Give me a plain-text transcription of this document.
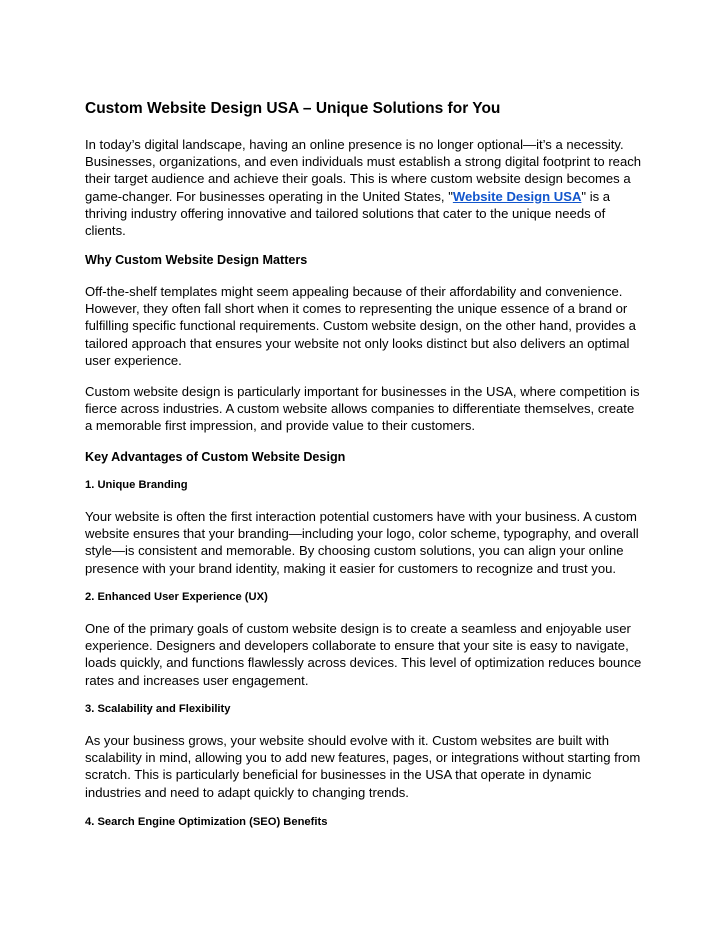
Custom Website Design USA – Unique Solutions for You

In today’s digital landscape, having an online presence is no longer optional—it’s a necessity. Businesses, organizations, and even individuals must establish a strong digital footprint to reach their target audience and achieve their goals. This is where custom website design becomes a game-changer. For businesses operating in the United States, "Website Design USA" is a thriving industry offering innovative and tailored solutions that cater to the unique needs of clients.

Why Custom Website Design Matters

Off-the-shelf templates might seem appealing because of their affordability and convenience. However, they often fall short when it comes to representing the unique essence of a brand or fulfilling specific functional requirements. Custom website design, on the other hand, provides a tailored approach that ensures your website not only looks distinct but also delivers an optimal user experience.

Custom website design is particularly important for businesses in the USA, where competition is fierce across industries. A custom website allows companies to differentiate themselves, create a memorable first impression, and provide value to their customers.

Key Advantages of Custom Website Design
1. Unique Branding

Your website is often the first interaction potential customers have with your business. A custom website ensures that your branding—including your logo, color scheme, typography, and overall style—is consistent and memorable. By choosing custom solutions, you can align your online presence with your brand identity, making it easier for customers to recognize and trust you.

2. Enhanced User Experience (UX)

One of the primary goals of custom website design is to create a seamless and enjoyable user experience. Designers and developers collaborate to ensure that your site is easy to navigate, loads quickly, and functions flawlessly across devices. This level of optimization reduces bounce rates and increases user engagement.

3. Scalability and Flexibility

As your business grows, your website should evolve with it. Custom websites are built with scalability in mind, allowing you to add new features, pages, or integrations without starting from scratch. This is particularly beneficial for businesses in the USA that operate in dynamic industries and need to adapt quickly to changing trends.

4. Search Engine Optimization (SEO) Benefits
